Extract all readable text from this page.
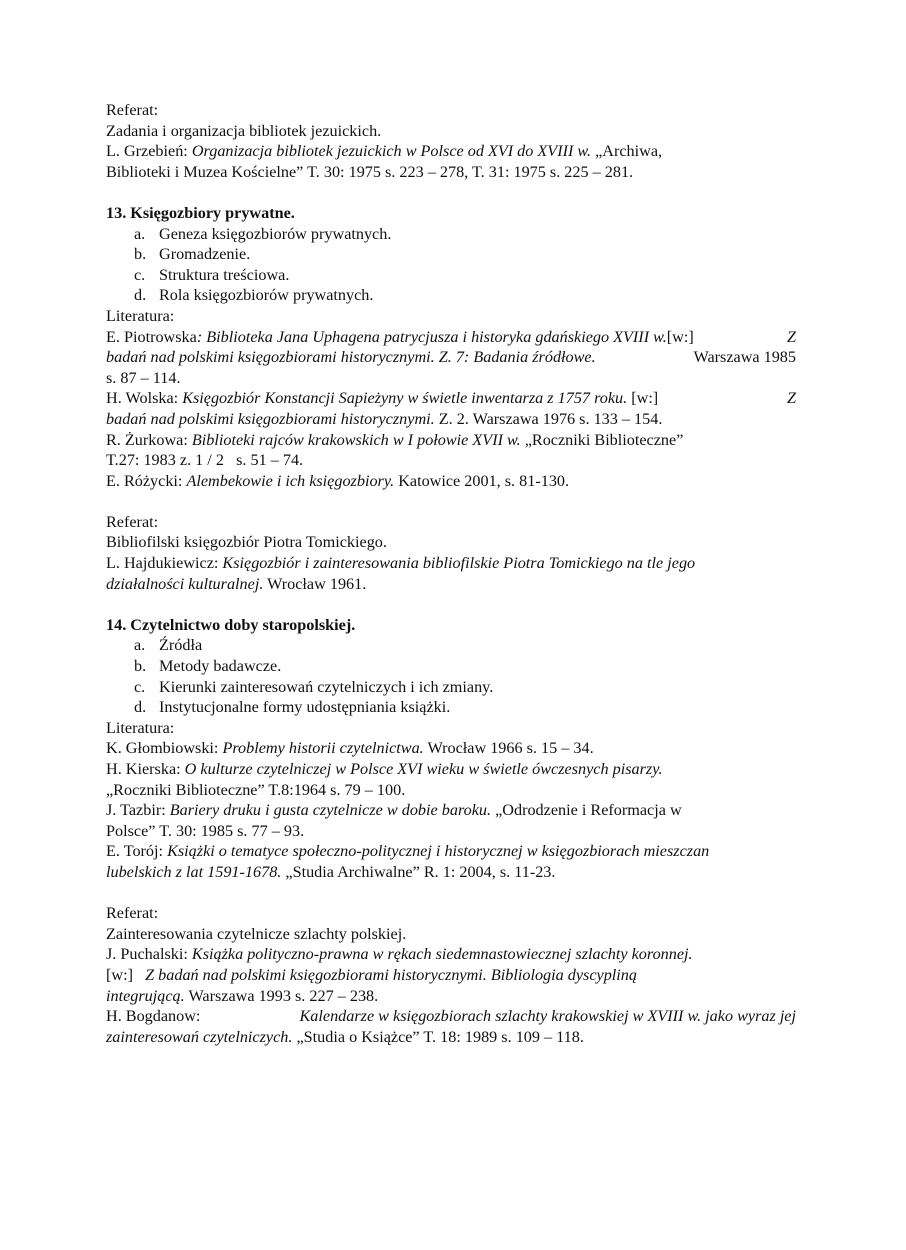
Referat:
Zadania i organizacja bibliotek jezuickich.
L. Grzebień: Organizacja bibliotek jezuickich w Polsce od XVI do XVIII w. „Archiwa,
Biblioteki i Muzea Kościelne” T. 30: 1975 s. 223 – 278, T. 31: 1975 s. 225 – 281.
13. Księgozbiory prywatne.
a. Geneza księgozbiorów prywatnych.
b. Gromadzenie.
c. Struktura treściowa.
d. Rola księgozbiorów prywatnych.
Literatura:
E. Piotrowska: Biblioteka Jana Uphagena patrycjusza i historyka gdańskiego XVIII w.[w:]	Z
badań nad polskimi księgozbiorami historycznymi. Z. 7: Badania źródłowe.	Warszawa 1985
s. 87 – 114.
H. Wolska: Księgozbiór Konstancji Sapieżyny w świetle inwentarza z 1757 roku. [w:]	Z
badań nad polskimi księgozbiorami historycznymi. Z. 2. Warszawa 1976 s. 133 – 154.
R. Żurkowa: Biblioteki rajców krakowskich w I połowie XVII w. „Roczniki Biblioteczne”
T.27: 1983 z. 1 / 2   s. 51 – 74.
E. Różycki: Alembekowie i ich księgozbiory. Katowice 2001, s. 81-130.
Referat:
Bibliofilski księgozbiór Piotra Tomickiego.
L. Hajdukiewicz: Księgozbiór i zainteresowania bibliofilskie Piotra Tomickiego na tle jego
działalności kulturalnej. Wrocław 1961.
14. Czytelnictwo doby staropolskiej.
a. Źródła
b. Metody badawcze.
c. Kierunki zainteresowań czytelniczych i ich zmiany.
d. Instytucjonalne formy udostępniania książki.
Literatura:
K. Głombiowski: Problemy historii czytelnictwa. Wrocław 1966 s. 15 – 34.
H. Kierska: O kulturze czytelniczej w Polsce XVI wieku w świetle ówczesnych pisarzy.
„Roczniki Biblioteczne” T.8:1964 s. 79 – 100.
J. Tazbir: Bariery druku i gusta czytelnicze w dobie baroku. „Odrodzenie i Reformacja w
Polsce” T. 30: 1985 s. 77 – 93.
E. Torój: Książki o tematyce społeczno-politycznej i historycznej w księgozbiorach mieszczan
lubelskich z lat 1591-1678. „Studia Archiwalne” R. 1: 2004, s. 11-23.
Referat:
Zainteresowania czytelnicze szlachty polskiej.
J. Puchalski: Książka polityczno-prawna w rękach siedemnastowiecznej szlachty koronnej.
[w:]   Z badań nad polskimi księgozbiorami historycznymi. Bibliologia dyscypliną
integrującą. Warszawa 1993 s. 227 – 238.
H. Bogdanow:	Kalendarze w księgozbiorach szlachty krakowskiej w XVIII w. jako wyraz jej
zainteresowań czytelniczych. „Studia o Książce” T. 18: 1989 s. 109 – 118.
